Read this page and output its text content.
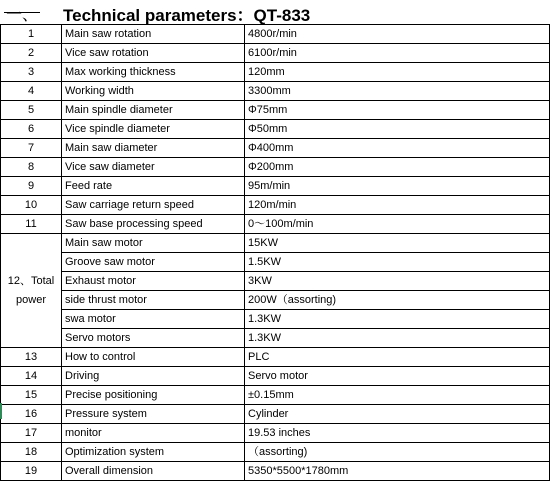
一、 Technical parameters：QT-833
1	Main saw rotation	4800r/min
2	Vice saw rotation	6100r/min
3	Max working thickness	120mm
4	Working width	3300mm
5	Main spindle diameter	Φ75mm
6	Vice spindle diameter	Φ50mm
7	Main saw diameter	Φ400mm
8	Vice saw diameter	Φ200mm
9	Feed rate	95m/min
10	Saw carriage return speed	120m/min
11	Saw base processing speed	0～100m/min
12、Total power	Main saw motor	15KW
	Groove saw motor	1.5KW
	Exhaust motor	3KW
	side thrust motor	200W（assorting)
	swa motor	1.3KW
	Servo motors	1.3KW
13	How to control	PLC
14	Driving	Servo motor
15	Precise positioning	±0.15mm
16	Pressure system	Cylinder
17	monitor	19.53 inches
18	Optimization system	（assorting)
19	Overall dimension	5350*5500*1780mm
